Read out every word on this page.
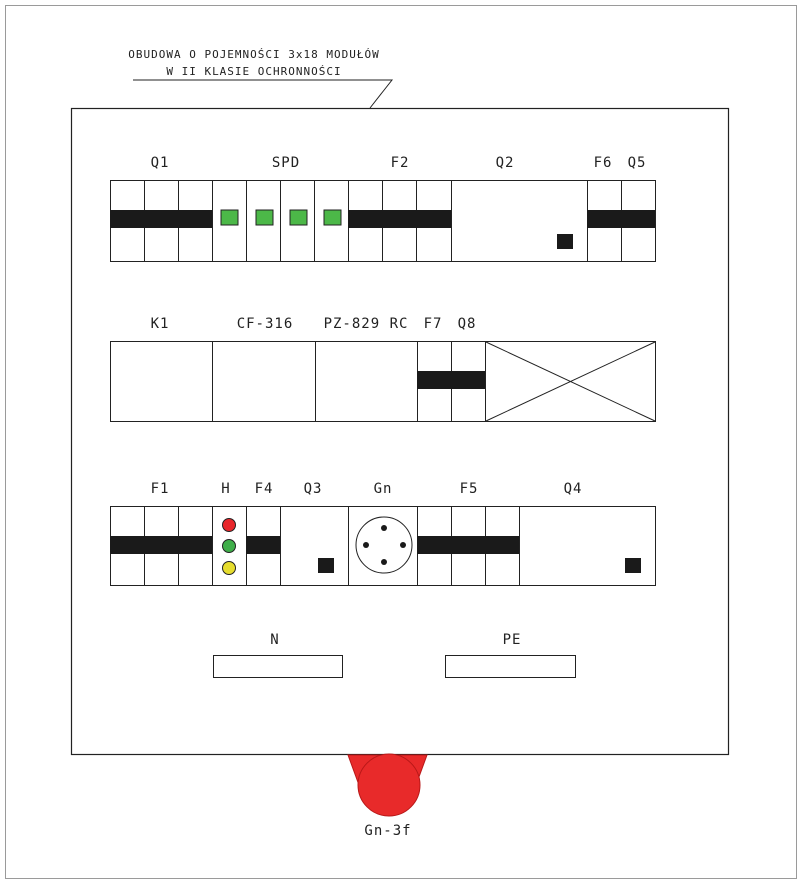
OBUDOWA O POJEMNOŚCI 3x18 MODUŁÓW
W II KLASIE OCHRONNOŚCI
Q1	SPD	F2	Q2	F6 Q5
K1	CF-316 PZ-829 RC F7 Q8
F1	H F4 Q3	Gn	F5	Q4
N	PE
Gn-3f
